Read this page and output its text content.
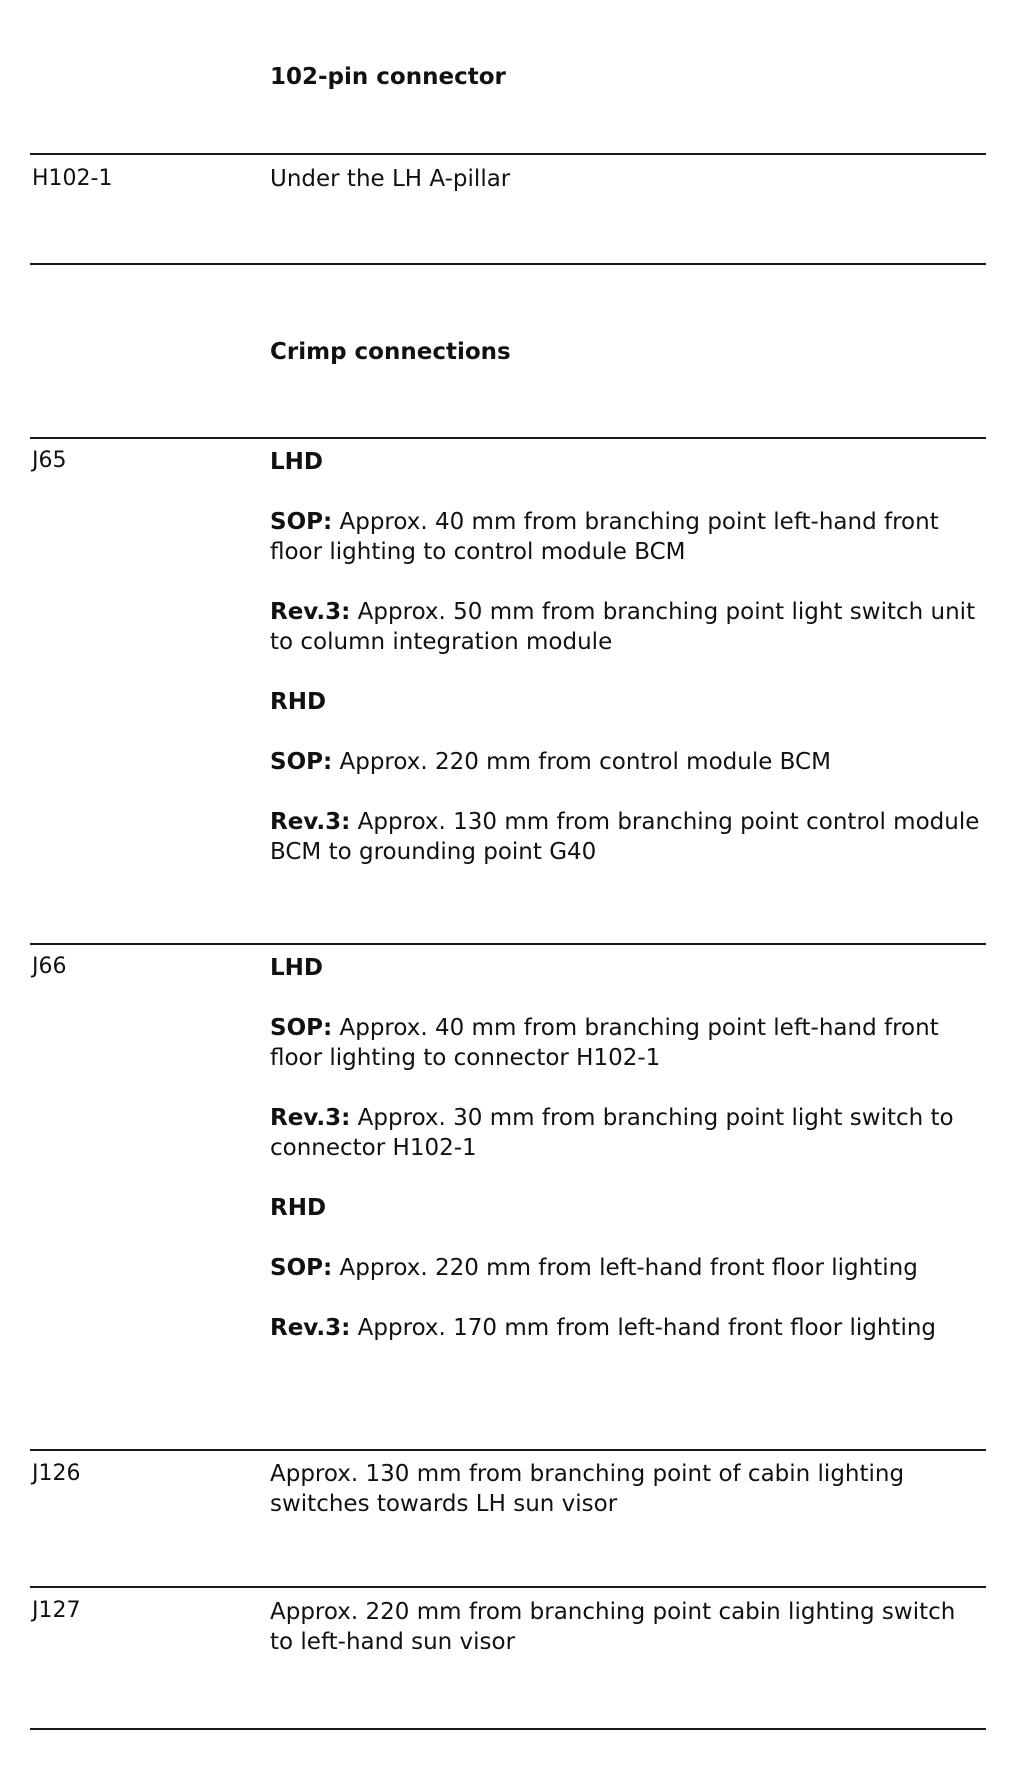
102-pin connector
H102-1	Under the LH A-pillar

Crimp connections
J65	LHD

SOP: Approx. 40 mm from branching point left-hand front floor lighting to control module BCM

Rev.3: Approx. 50 mm from branching point light switch unit to column integration module

RHD

SOP: Approx. 220 mm from control module BCM

Rev.3: Approx. 130 mm from branching point control module BCM to grounding point G40

J66	LHD

SOP: Approx. 40 mm from branching point left-hand front floor lighting to connector H102-1

Rev.3: Approx. 30 mm from branching point light switch to connector H102-1

RHD

SOP: Approx. 220 mm from left-hand front floor lighting

Rev.3: Approx. 170 mm from left-hand front floor lighting

J126	Approx. 130 mm from branching point of cabin lighting switches towards LH sun visor

J127	Approx. 220 mm from branching point cabin lighting switch to left-hand sun visor
